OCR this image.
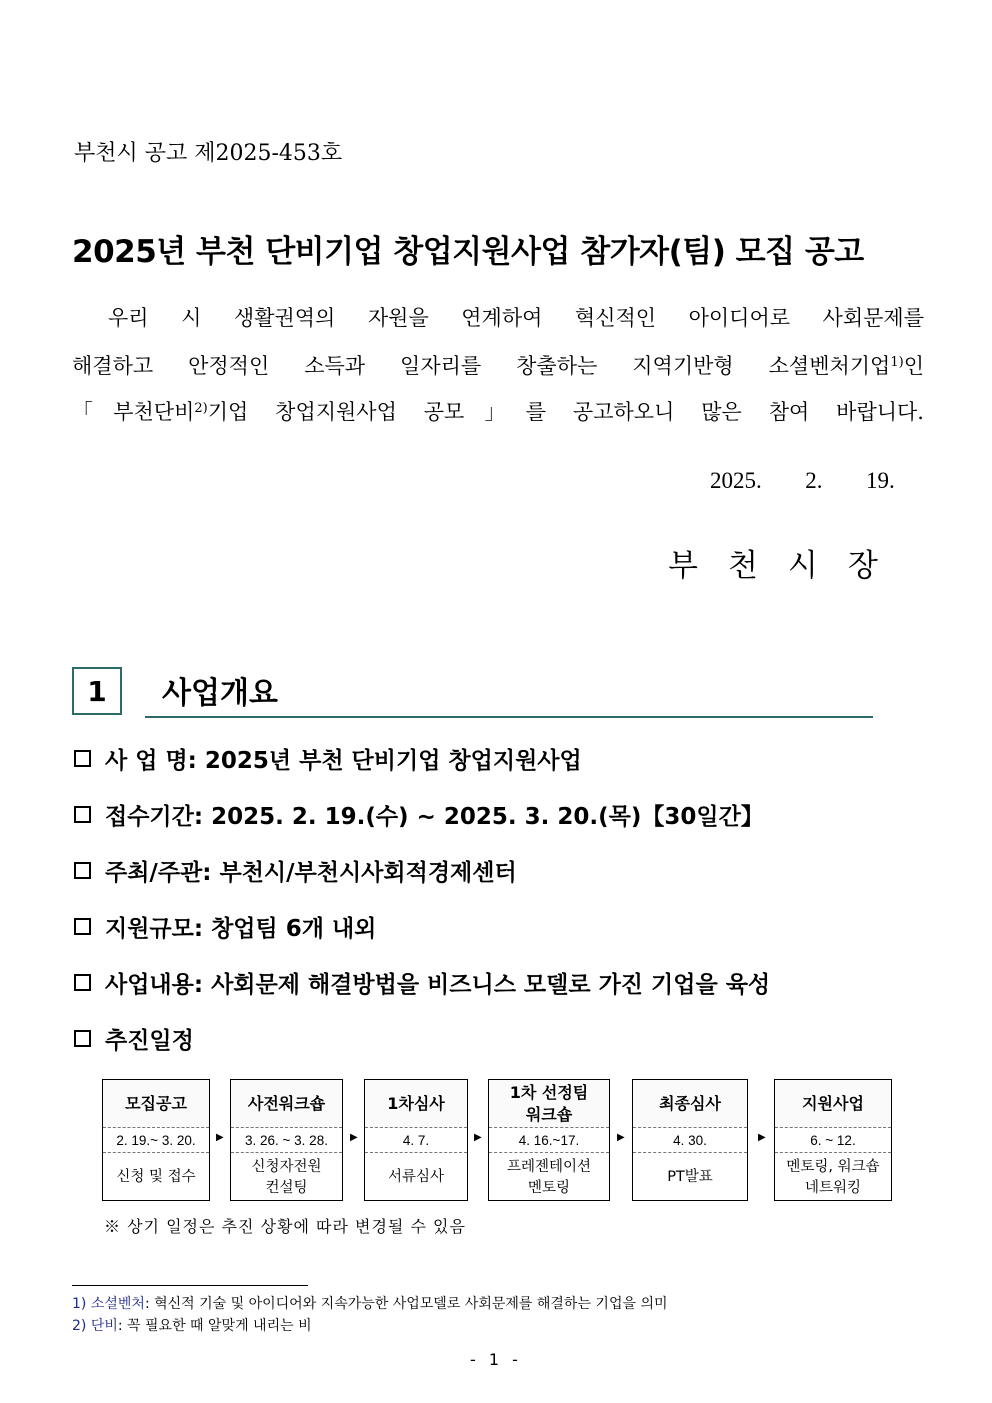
부천시 공고 제2025-453호
2025년 부천 단비기업 창업지원사업 참가자(팀) 모집 공고
우리 시 생활권역의 자원을 연계하여 혁신적인 아이디어로 사회문제를
해결하고 안정적인 소득과 일자리를 창출하는 지역기반형 소셜벤처기업$^{1)}$인
「부천단비$^{2)}$기업 창업지원사업 공모」를 공고하오니 많은 참여 바랍니다.
2025.  2.  19.
부천시장
1	사업개요
사 업 명: 2025년 부천 단비기업 창업지원사업
접수기간: 2025. 2. 19.(수) ~ 2025. 3. 20.(목)【30일간】
주최/주관: 부천시/부천시사회적경제센터
지원규모: 창업팀 6개 내외
사업내용: 사회문제 해결방법을 비즈니스 모델로 가진 기업을 육성
추진일정
모집공고
2. 19.~ 3. 20.
신청 및 접수
▶
사전워크숍
3. 26. ~ 3. 28.
신청자전원
컨설팅
▶
1차심사
4. 7.
서류심사
▶
1차 선정팀
워크숍
4. 16.~17.
프레젠테이션
멘토링
▶
최종심사
4. 30.
PT발표
▶
지원사업
6. ~ 12.
멘토링, 워크숍
네트워킹
※ 상기 일정은 추진 상황에 따라 변경될 수 있음
1) 소셜벤처: 혁신적 기술 및 아이디어와 지속가능한 사업모델로 사회문제를 해결하는 기업을 의미
2) 단비: 꼭 필요한 때 알맞게 내리는 비
- 1 -
